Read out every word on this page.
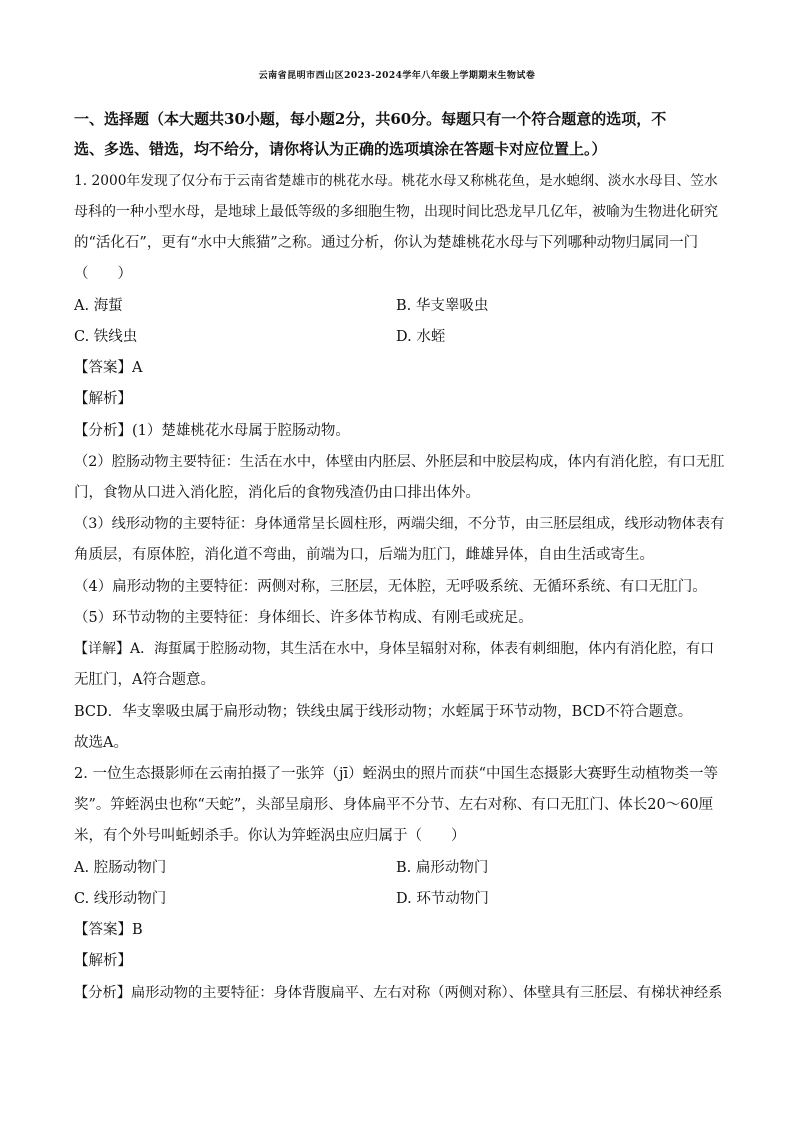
云南省昆明市西山区2023-2024学年八年级上学期期末生物试卷
一、选择题（本大题共30小题，每小题2分，共60分。每题只有一个符合题意的选项，不
选、多选、错选，均不给分，请你将认为正确的选项填涂在答题卡对应位置上。）
1. 2000年发现了仅分布于云南省楚雄市的桃花水母。桃花水母又称桃花鱼，是水螅纲、淡水水母目、笠水
母科的一种小型水母，是地球上最低等级的多细胞生物，出现时间比恐龙早几亿年，被喻为生物进化研究
的“活化石”，更有“水中大熊猫”之称。通过分析，你认为楚雄桃花水母与下列哪种动物归属同一门
（　　）
A. 海蜇	B. 华支睾吸虫
C. 铁线虫	D. 水蛭
【答案】A
【解析】
【分析】(1）楚雄桃花水母属于腔肠动物。
（2）腔肠动物主要特征：生活在水中，体壁由内胚层、外胚层和中胶层构成，体内有消化腔，有口无肛
门，食物从口进入消化腔，消化后的食物残渣仍由口排出体外。
（3）线形动物的主要特征：身体通常呈长圆柱形，两端尖细，不分节，由三胚层组成，线形动物体表有
角质层，有原体腔，消化道不弯曲，前端为口，后端为肛门，雌雄异体，自由生活或寄生。
（4）扁形动物的主要特征：两侧对称，三胚层，无体腔，无呼吸系统、无循环系统、有口无肛门。
（5）环节动物的主要特征：身体细长、许多体节构成、有刚毛或疣足。
【详解】A．海蜇属于腔肠动物，其生活在水中，身体呈辐射对称，体表有刺细胞，体内有消化腔，有口
无肛门，A符合题意。
BCD．华支睾吸虫属于扁形动物；铁线虫属于线形动物；水蛭属于环节动物，BCD不符合题意。
故选A。
2. 一位生态摄影师在云南拍摄了一张笄（jī）蛭涡虫的照片而获“中国生态摄影大赛野生动植物类一等
奖”。笄蛭涡虫也称“天蛇”，头部呈扇形、身体扁平不分节、左右对称、有口无肛门、体长20～60厘
米，有个外号叫蚯蚓杀手。你认为笄蛭涡虫应归属于（　　）
A. 腔肠动物门	B. 扁形动物门
C. 线形动物门	D. 环节动物门
【答案】B
【解析】
【分析】扁形动物的主要特征：身体背腹扁平、左右对称（两侧对称）、体壁具有三胚层、有梯状神经系
